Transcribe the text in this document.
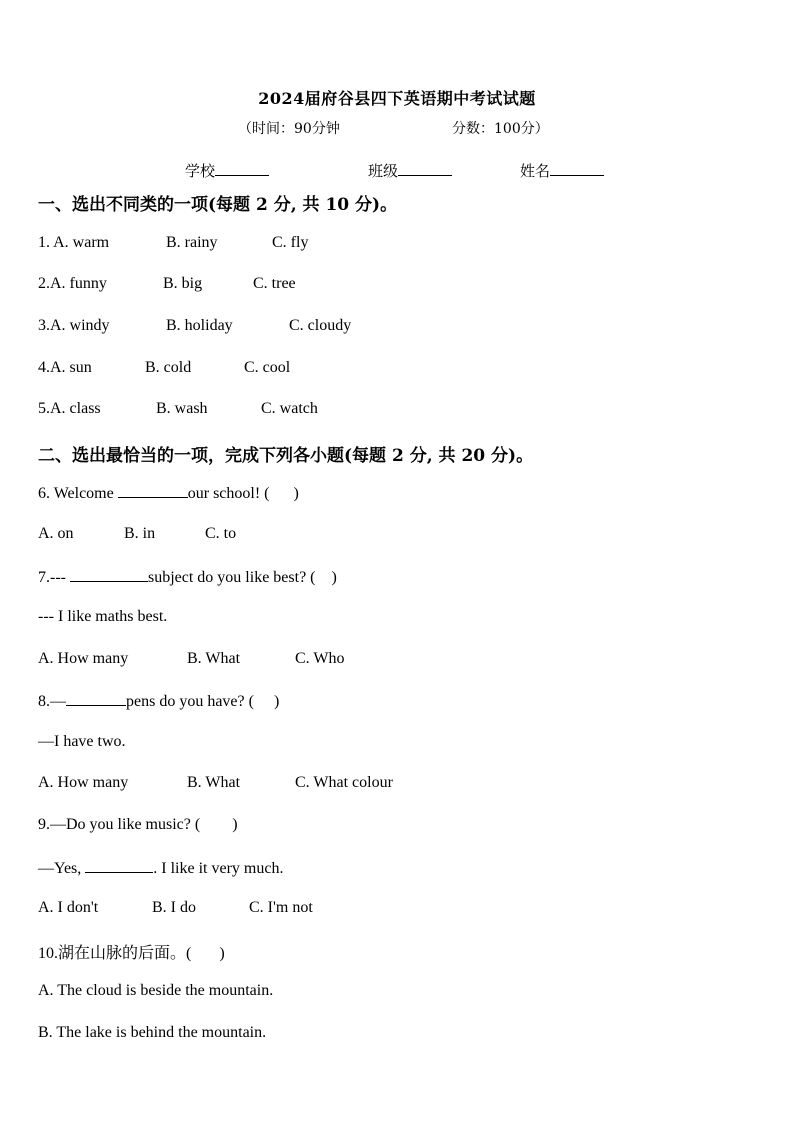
2024届府谷县四下英语期中考试试题
（时间：90分钟	分数：100分）
学校	班级	姓名
一、选出不同类的一项(每题 2 分, 共 10 分)。
1. A. warm	B. rainy	C. fly
2.A. funny	B. big	C. tree
3.A. windy	B. holiday	C. cloudy
4.A. sun	B. cold	C. cool
5.A. class	B. wash	C. watch
二、选出最恰当的一项，完成下列各小题(每题 2 分, 共 20 分)。
6. Welcome	our school! (      )
A. on	B. in	C. to
7.---	subject do you like best? (    )
--- I like maths best.
A. How many	B. What	C. Who
8.—	pens do you have? (     )
—I have two.
A. How many	B. What	C. What colour
9.—Do you like music? (        )
—Yes,	. I like it very much.
A. I don't	B. I do	C. I'm not
10.湖在山脉的后面。(       )
A. The cloud is beside the mountain.
B. The lake is behind the mountain.
